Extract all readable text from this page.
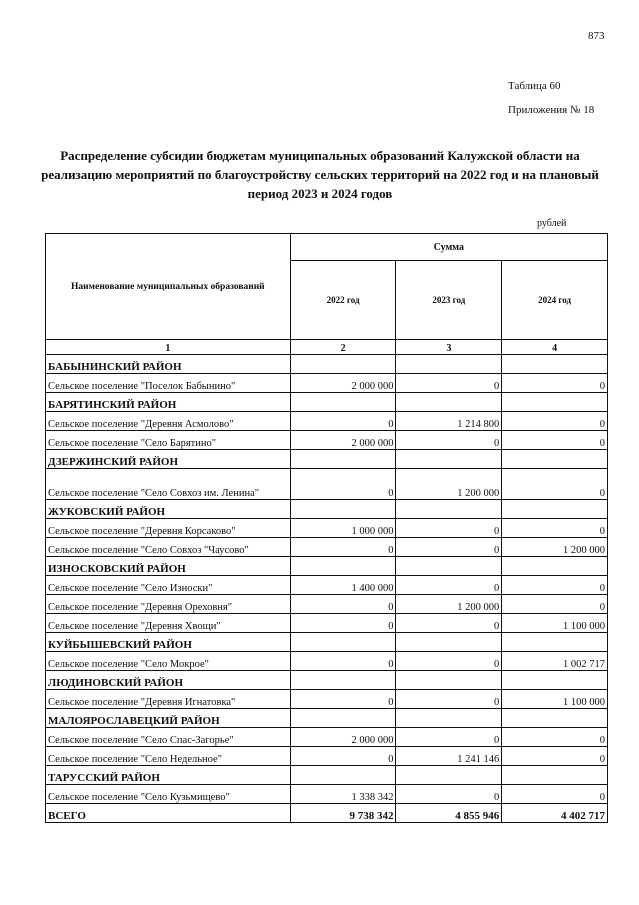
873
Таблица 60
Приложения № 18
Распределение субсидии бюджетам муниципальных образований Калужской области на реализацию мероприятий по благоустройству сельских территорий на 2022 год и на плановый период 2023 и 2024 годов
рублей
Наименование муниципальных образований	Сумма		
	2022 год	2023 год	2024 год
1	2	3	4
БАБЫНИНСКИЙ РАЙОН			
Сельское поселение "Поселок Бабынино"	2 000 000	0	0
БАРЯТИНСКИЙ РАЙОН			
Сельское поселение "Деревня Асмолово"	0	1 214 800	0
Сельское поселение "Село Барятино"	2 000 000	0	0
ДЗЕРЖИНСКИЙ РАЙОН			
Сельское поселение "Село Совхоз им. Ленина"	0	1 200 000	0
ЖУКОВСКИЙ РАЙОН			
Сельское поселение "Деревня Корсаково"	1 000 000	0	0
Сельское поселение "Село Совхоз "Чаусово"	0	0	1 200 000
ИЗНОСКОВСКИЙ РАЙОН			
Сельское поселение "Село Износки"	1 400 000	0	0
Сельское поселение "Деревня Ореховня"	0	1 200 000	0
Сельское поселение "Деревня Хвощи"	0	0	1 100 000
КУЙБЫШЕВСКИЙ РАЙОН			
Сельское поселение "Село Мокрое"	0	0	1 002 717
ЛЮДИНОВСКИЙ РАЙОН			
Сельское поселение "Деревня Игнатовка"	0	0	1 100 000
МАЛОЯРОСЛАВЕЦКИЙ РАЙОН			
Сельское поселение "Село Спас-Загорье"	2 000 000	0	0
Сельское поселение "Село Недельное"	0	1 241 146	0
ТАРУССКИЙ РАЙОН			
Сельское поселение "Село Кузьмищево"	1 338 342	0	0
ВСЕГО	9 738 342	4 855 946	4 402 717
